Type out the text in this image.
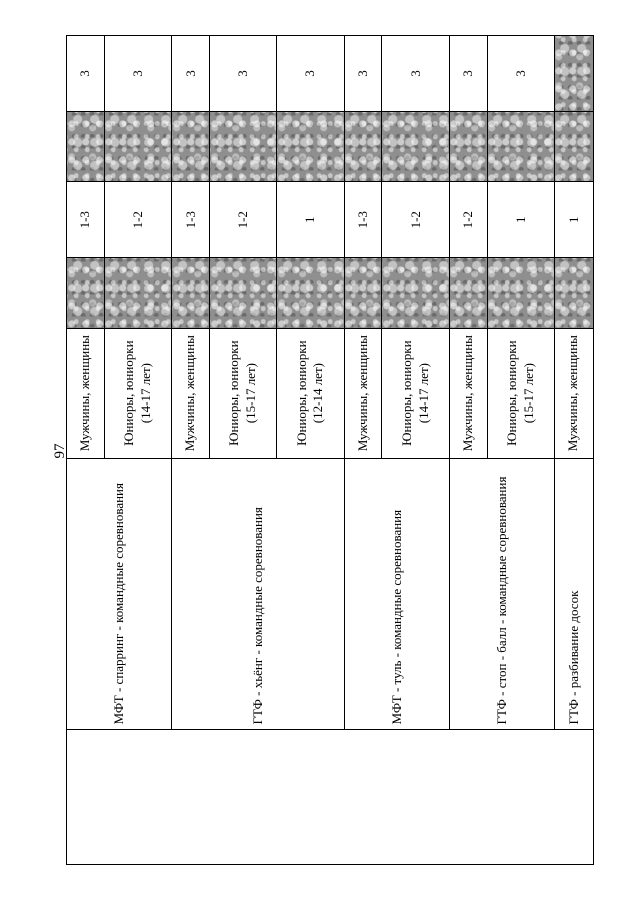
97

	МФТ - спарринг - командные соревнования	Мужчины, женщины		1-3		3
		Юниоры, юниорки (14-17 лет)		1-2		3

	ГТФ - хьёнг - командные соревнования	Мужчины, женщины		1-3		3
		Юниоры, юниорки (15-17 лет)		1-2		3
		Юниоры, юниорки (12-14 лет)		1		3

	МФТ - туль - командные соревнования	Мужчины, женщины		1-3		3
		Юниоры, юниорки (14-17 лет)		1-2		3

	ГТФ - стоп - балл - командные соревнования	Мужчины, женщины		1-2		3
		Юниоры, юниорки (15-17 лет)		1		3

	ГТФ - разбивание досок	Мужчины, женщины		1		
